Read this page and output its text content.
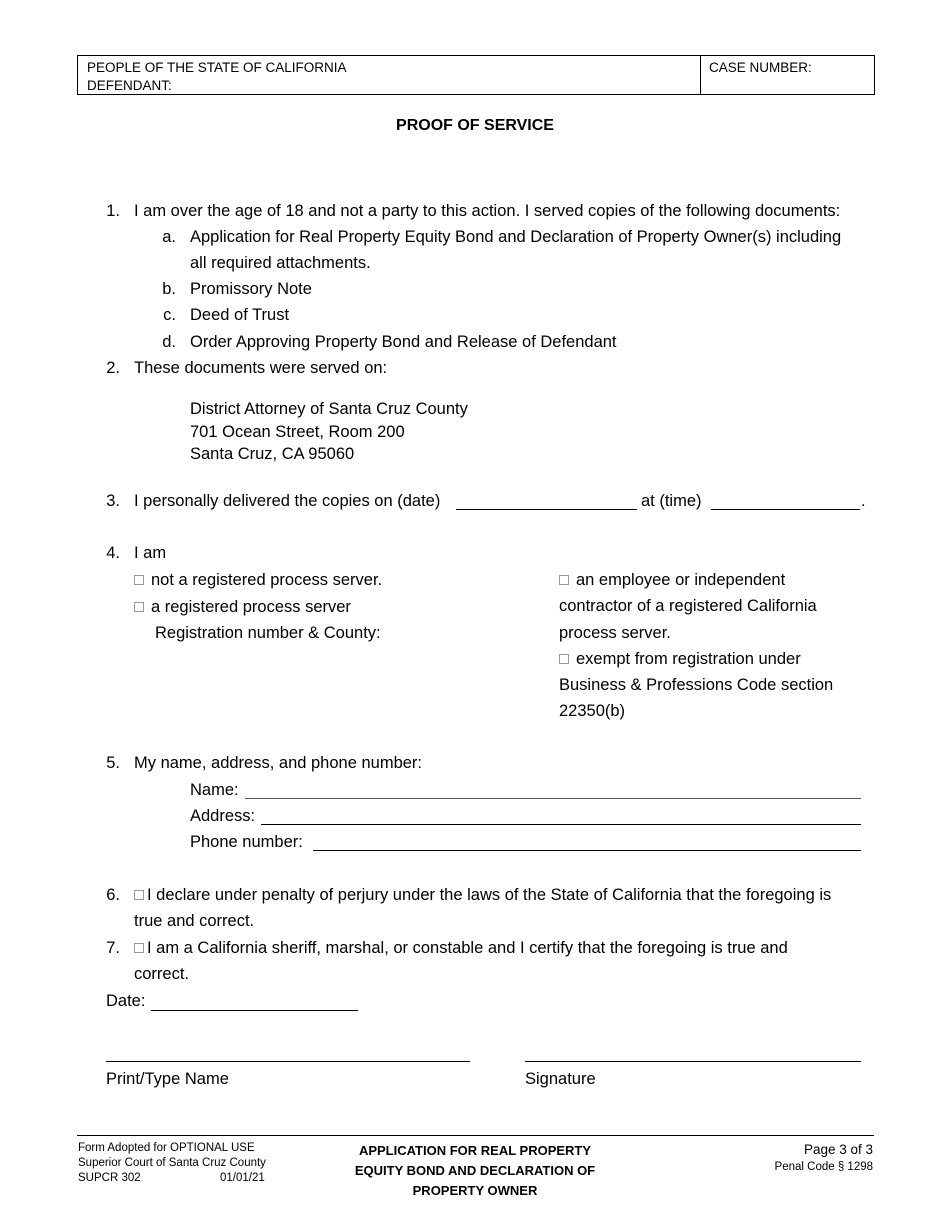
PEOPLE OF THE STATE OF CALIFORNIA
DEFENDANT:
CASE NUMBER:
PROOF OF SERVICE
1. I am over the age of 18 and not a party to this action. I served copies of the following documents:
a. Application for Real Property Equity Bond and Declaration of Property Owner(s) including
all required attachments.
b. Promissory Note
c. Deed of Trust
d. Order Approving Property Bond and Release of Defendant
2. These documents were served on:
District Attorney of Santa Cruz County
701 Ocean Street, Room 200
Santa Cruz, CA 95060
3. I personally delivered the copies on (date)	at (time)	.
4. I am
not a registered process server.
a registered process server
Registration number & County:
an employee or independent
contractor of a registered California
process server.
exempt from registration under
Business & Professions Code section
22350(b)
5. My name, address, and phone number:
Name:
Address:
Phone number:
6.	I declare under penalty of perjury under the laws of the State of California that the foregoing is
true and correct.
7.	I am a California sheriff, marshal, or constable and I certify that the foregoing is true and
correct.
Date:
Print/Type Name	Signature
Form Adopted for OPTIONAL USE
Superior Court of Santa Cruz County
SUPCR 302	01/01/21
APPLICATION FOR REAL PROPERTY
EQUITY BOND AND DECLARATION OF
PROPERTY OWNER
Page 3 of 3
Penal Code § 1298
